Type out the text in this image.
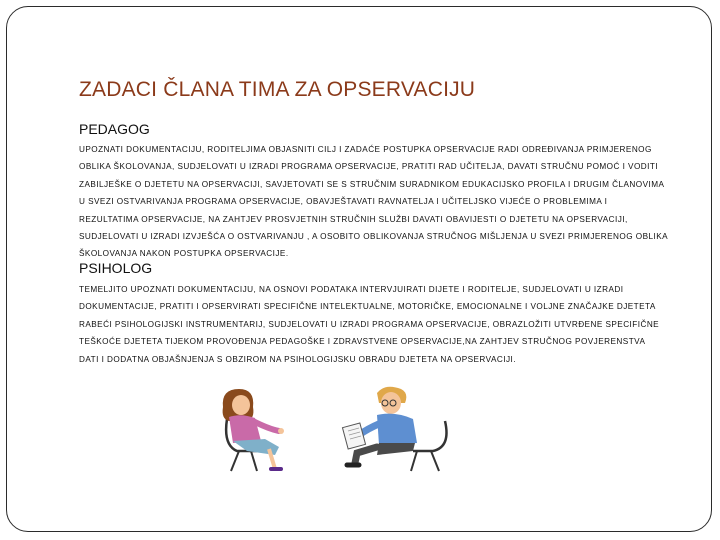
ZADACI ČLANA TIMA ZA OPSERVACIJU
PEDAGOG

UPOZNATI DOKUMENTACIJU, RODITELJIMA OBJASNITI CILJ I ZADAĆE POSTUPKA OPSERVACIJE RADI ODREĐIVANJA PRIMJERENOG
OBLIKA ŠKOLOVANJA, SUDJELOVATI U IZRADI PROGRAMA OPSERVACIJE, PRATITI RAD UČITELJA, DAVATI STRUČNU POMOĆ I VODITI
ZABILJEŠKE O DJETETU NA OPSERVACIJI, SAVJETOVATI SE S STRUČNIM SURADNIKOM EDUKACIJSKO PROFILA I DRUGIM ČLANOVIMA
U SVEZI OSTVARIVANJA PROGRAMA OPSERVACIJE, OBAVJEŠTAVATI RAVNATELJA I UČITELJSKO VIJEĆE O PROBLEMIMA I
REZULTATIMA OPSERVACIJE, NA ZAHTJEV PROSVJETNIH STRUČNIH SLUŽBI DAVATI OBAVIJESTI O DJETETU NA OPSERVACIJI,
SUDJELOVATI U IZRADI IZVJEŠĆA O OSTVARIVANJU , A OSOBITO OBLIKOVANJA STRUČNOG MIŠLJENJA U SVEZI PRIMJERENOG OBLIKA
ŠKOLOVANJA NAKON POSTUPKA OPSERVACIJE.

PSIHOLOG

TEMELJITO UPOZNATI DOKUMENTACIJU, NA OSNOVI PODATAKA INTERVJUIRATI DIJETE I RODITELJE, SUDJELOVATI U IZRADI
DOKUMENTACIJE, PRATITI I OPSERVIRATI SPECIFIČNE INTELEKTUALNE, MOTORIČKE, EMOCIONALNE I VOLJNE ZNAČAJKE DJETETA
RABEĆI PSIHOLOGIJSKI INSTRUMENTARIJ, SUDJELOVATI U IZRADI PROGRAMA OPSERVACIJE, OBRAZLOŽITI UTVRĐENE SPECIFIČNE
TEŠKOĆE DJETETA TIJEKOM PROVOĐENJA PEDAGOŠKE I ZDRAVSTVENE OPSERVACIJE,NA ZAHTJEV STRUČNOG POVJERENSTVA
DATI I DODATNA OBJAŠNJENJA S OBZIROM NA PSIHOLOGIJSKU OBRADU DJETETA NA OPSERVACIJI.
